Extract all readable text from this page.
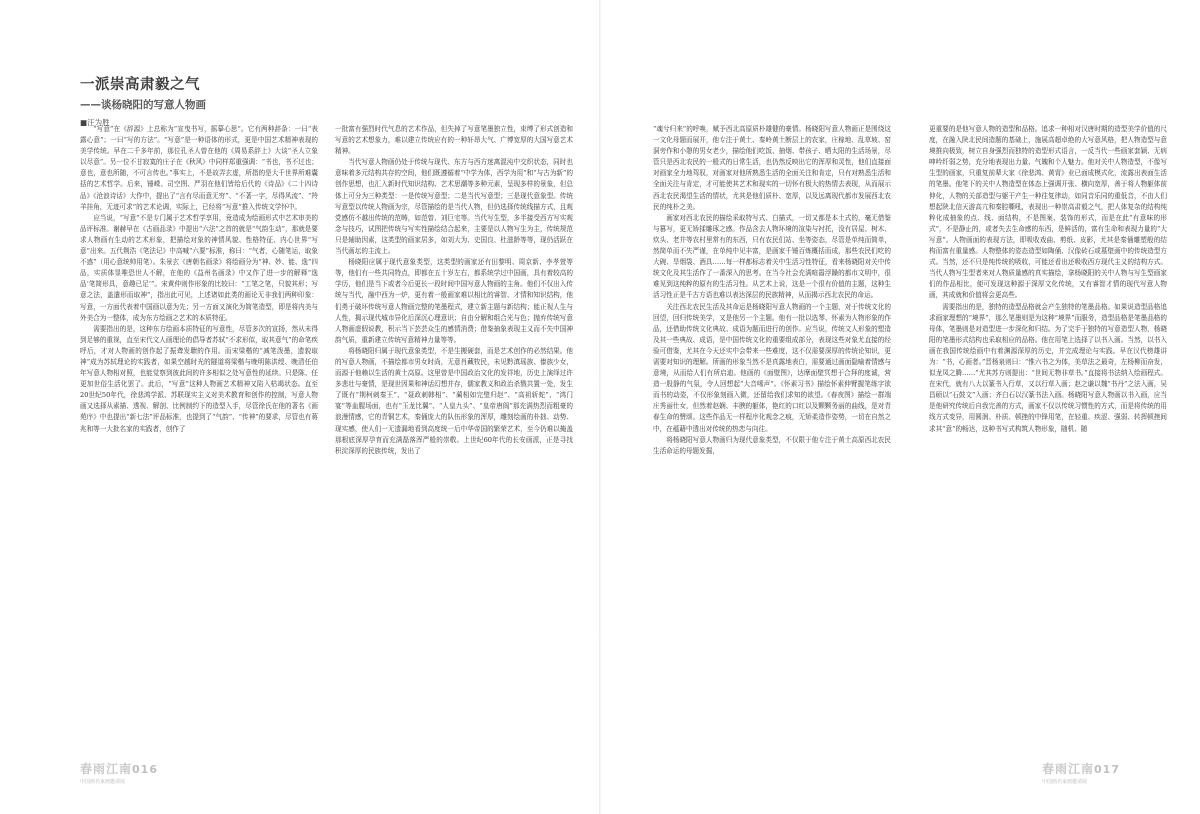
一派崇高肃毅之气
——谈杨晓阳的写意人物画
■汪为胜

“写意”在《辞源》上总称为“宣曳书写，摇摹心思”。它有两种辞条：一曰“表露心意”；一曰“写的方法”。“写意”是一种语体的形式，更是中国艺术精神表现的美学传统。早在二千多年前，那位孔圣人曾在他的《周易系辞上》大谈“圣人立象以尽意”。另一位不甘寂寞的庄子在《秋风》中同样郑重强调：“书也，书不过也；意也，意也所随，不可言传也。”事实上，不是故弄玄虚，所指的是大千世界所难囊括的艺术哲学。后来，锤嵘、司空图、严羽在他们皆给后代的《诗品》《二十四诗品》《沧浪诗话》大作中，提出了“言有尽而意无穷”、“不著一字，尽得风流”、“羚羊挂角，无迹可求”的艺术论调，实际上，已经将“写意”推入传统文学怀中。

应当说，“写意”不是专门属于艺术哲学享用，竟造成为绘画形式中艺术审美的品评标准。谢赫早在《古画品录》中提出“六法”之首的就是“气韵生动”，那就是要求人物画有生动的艺术形象，把描绘对象的神情风貌、性格特征、内心世界“写意”出来。五代荆浩《笔法记》中高喊“六要”标准，称曰：“气者，心随笔运，取象不惑”（用心意统帅用笔）。朱景玄《唐朝名画录》将绘画分为“神、妙、能、逸”四品，实质体显唯恐世人不解，在他的《益州名画录》中又作了进一步的解释“逸品‘笔简形具，意趣已足’”。宋黄仲则作形象的比较曰：“工笔之笔，只貌其形；写意之法，盖遣形而取神”，指出此可见，上述诸如此类的画论无非我们两种印象：写意，一方面代表着中国画以意为先；另一方面又演化为简笔造型，即是将内美与外美合为一整体，成为东方绘画之艺术的本质特征。

需要指出的是，这种东方绘画本质特征的写意性，尽管多次的宣扬，然从未得到足够的重视，直至宋代文人画理论的倡导者苏轼“不求形似，取其意气”的命笔疾呼后，才对人物画的创作起了振聋发聩的作用。而宋梁楷的“减笔泼墨，遗貌取神”成为苏轼理论的实践者，如果空越时光的隧道将梁楷与晚明陈洪绶、晚清任伯年写意人物相对照，也能觉察到彼此间的许多相似之处写意性的延续。只是陈、任更加世俗生活化罢了。此后，“写意”这种人物画艺术精神又陷入枯竭状态。直至20世纪50年代，徐悲鸿学派、苏联现实主义对美术教育和创作的控制，写意人物画又选择从素描、透视、解剖、比例制约下的造型入手，尽管徐氏在他的著名《画苑序》中也提出“新七法”评品标准，也提到了“气韵”、“传神”的要求，尽管也有蒋兆和等一大批名家的实践者，创作了

一批富有强烈时代气息的艺术作品，但失掉了写意笔墨独立性，束缚了形式创造和写意的艺术想象力，难以建立传统应有的一种轩昂大气、广博宽厚的大国写意艺术精神。

当代写意人物画仍处于传统与现代、东方与西方迷离混沌中交织状态，同时也意味着多元结构共存的空间，他们既遵循着“中学为体，西学为用”和“与古为新”的创作思想，也汇入新时代知识结构、艺术思潮等多种元素，呈现多样的景象，但总体上可分为三种类型：一是传统写意型；二是当代写意型；三是现代意象型。传统写意型以传统人物画为宗，尽管描绘的是当代人物，但仍选择传统线描方式，且观党感仿不越出传统的范畴，如范曾、刘巨宅等。当代写生型，多半接受西方写实观念与技巧，试图把传统与写实性描绘结合起来，主要是以人物写生为主，传统规范只是辅助因素，这类型的画家居多，如刘大为、史国良、杜滋龄等等，现仍活跃在当代画坛的主流上。

杨晓阳应属于现代意象类型，这类型的画家还有田黎明、周京新、李孝萱等等，他们有一些共同特点，即都在五十岁左右，都系统学过中国画，具有着较高的学历，他们是当下或者今后更长一段时间中国写意人物画的主角。他们不仅出入传统与当代，融中西为一炉，更有着一般画家难以相比的睿智、才情和知识结构，他们勇于破坏传统写意人物画完整的笔墨程式，建立新主题与新结构；能正视人生与人性，揭示现代城市异化后深沉心理意识；自由分解和组合光与色；抛弃传统写意人物画虚假说教，积示当下芸芸众生的感情消费；借鉴抽象表现主义而不失中国神韵气质，重新建立传统写意精神力量等等。

将杨晓阳归属于现代意象类型，不是生搬硬套，而是艺术创作的必然结果。他的写意人物画，不描绘都市男女时尚，无意肖藏牧民，未见黔滇瑶族、傣族少女，而源于他赖以生活的黄土高原。这里曾是中国政治文化的发祥地，历史上演绎过许多悲壮与豪情，是现世因果和神话幻想并存，儒家教义和政治杀戮共置一处，发生了既有“荆柯刺秦王”、“聂政刺韩相”、“蔺相如完璧归赵”、“高祖斩蛇”、“鸿门宴”等血腥场面，也有“玉龙比翼”、“人皇九头”、“皇帝唐阁”那充满热烈而粗豪的浪漫情感，它的青铜艺术，秦俑庞大的队伍形象的浑厚，雕刻绘画的朴拙、动势、现实感，使人们一无遗漏地看到高度统一后中华帝国的繁荣艺术，至今仍难以掩盖那根底深厚孕育而充满磊落浑严般的崇敬。上世纪60年代的长安画派，正是寻找积淀深厚的民族传统，发出了

“魂兮归来”的呼唤，赋予西北高原质朴雄健的豪情。杨晓阳写意人物画正是围绕这一文化母题而展开，他专注于黄土、秦岭黄土断层上的农家，庄稼地、乱草坡、窑洞旁作和小憩的男女老少，描绘他们吃饭、抽烟、带孩子、晒太阳的生活场景，尽管只是西北农民的一般式的日常生活，也仍然反映出它的浑厚和灵性，他们直接面对画家全力地驾驭，对画家对他所熟悉生活的全面关注和肯定，只有对熟悉生活和全面关注与肯定，才可能使其艺术和现实的一切怀有极大的热情去表现，从而展示西北农民渴望生活的情状，尤其是他们质朴、宽厚，以及远离现代都市发展西北农民的纯朴之美。

画家对西北农民的描绘采取特写式、白描式，一切又都是本土式的，毫无借鉴与篡写，更无矫揉雕琢之感。作品含去人物环境的渲染与衬托，没有居屋、树木、炊头、老井等农村里常有的东西，只有农民们站、坐等姿态，尽管是单纯而简单，然简单而不失严谨，在单纯中见丰富，是画家千锤百炼概括而成，那些农民们吃的大碗、旱烟袋、酒具……每一样都标志着关中生活习性特征，看来杨晓阳对关中传统文化及其生活作了一番深入的思考。在当今社会充满喧嚣浮躁的都市文明中，很难见到这纯粹的原有的生活习性。从艺术上说，这是一个很有价值的主题，这种生活习性正是千古方语也难以表达深层的民族精神，从而揭示西北农民的命运。

关注西北农民生活及其命运是杨晓阳写意人物画的一个主题，对于传统文化的回望，回归传统美学，又是他另一个主题。他有一批以选琴、怀素为人物形象的作品，还借助传统文化典故、成语为题而进行的创作。应当说，传统文人形象的塑造及其一些典故、成语，是中国传统文化的重要组成部分，表现这些对象尤直接的经验可借鉴，尤其在今天还实中会带来一些难度，这不仅需要深厚的传统论知识，更需要对知识的理解。所画的形象当然不是真露地表白，需要通过画面隐喻着情感与意境，从而给人们有所启迪。他画的《面壁图》，达摩面壁冥想于合拜的度诚，营造一股静的气氛，令人回想起“大音唏声”。《怀素习书》描绘怀素伸臂握笔练字欲而书的动姿，不仅形象刻画入微，还留给我们求知的欲望。《春夜图》描绘一群端庄秀丽仕女，但然着赵娴、丰腴的躯体，艳红的口红以及颗颗务丽的曲线，是对青春生命的赞颂。这些作品无一样程序化观念之痕，无矫柔造作姿势，一切在自然之中，在蕴藉中透出对传统的热恋与向往。

将杨晓阳写意人物画归为现代意象类型，不仅限于他专注于黄土高原西北农民生活命运的母题发掘，

更重要的是他写意人物的造型和品格。追求一种相对汉唐时期的造型美学价值的尺度，在融入陕北民间造题的基础上，施展高超卓绝的大写意风格，把人物造型与意境推向极致，树立自身强烈而独特的造型形式语言，一反当代一些画家套颖、无病呻吟纤弱之势，充分地表现出力量、气魄和个人魅力。他对关中人物造型，不像写生型的画家，只重复前辈大家《徐悲鸿、黄胄》业已面成模式化，流露出表面生活的笔墨。他笔下的关中人物造型在体态上强调开张、横向宽厚，善于将人物躯体前伸化，人物的关部造型与躯干产生一种往复律动，如同音乐同的重低音，不由人们想起陕北信天游高亢和秦腔嘶吼，表现出一种崇高肃毅之气，把人体复杂的结构纯粹化成抽象的点、线、面结构，不是图案、装饰的形式，而是在此“有意味的形式”，不是静止的，或者失去生命感的东西，是鲜活的，富有生命和表现力量的“大写意”。人物画面的表现方法，即吸收戏曲、剪纸、皮影，尤其是秦俑雕塑般的结构而富有重量感。人物整体的姿态造型如陶俑、汉像砖石或墓壁画中的传统造型方式。当然，还不只是纯传统的吸收，可能还看出还吸收西方现代主义的结构方式。当代人物写生型者来对人物质量感的真实描绘，拿杨晓阳的关中人物与写生型画家们的作品相比，便可发现这种源于深厚文化传统，又有睿智才情的现代写意人物画，其成就和价值将会更高些。

需要指出的是，独特的造型品格就会产生独特的笔墨品格。如果说造型品格追求画家理想的“境界”，那么笔墨则是为这种“境界”而服务，造型品格是笔墨品格的母体，笔墨则是对造型进一步深化和归结。为了完手于独特的写意造型人物，杨晓阳的笔墨形式结构也采取相应的品格。他在用笔上选择了以书入画。当然，以书入画在我国传统绘画中有着渊源深厚的历史，并完成理论与实践。早在汉代榜雄讲为：“书，心画者。”晋杨泉则曰：“惟六书之为体，美草法之最奇，左杨柳而奋发，似龙凤之腾……”尤其苏方则提出：“世间无物非草书。”直接将书法纳入绘画程式。在宋代，就有八大以篆书入行草，又以行草入画；赵之谦以魏“书丹”之法入画，吴昌硕以“石鼓文”入画；齐白石以汉篆书法入画。杨晓阳写意人物画以书入画，应当是他研究传统后自我完善的方式，画家不仅以传统习惯性的方式，而是将传统的用线方式变异，用圆润、朴质、顿挫的中锋用笔，在轻重、疾涩、强弱、转挥顿挫间求其“意”的畅达，这种书写式构筑人物形象，随机、随

春雨江南016
中国画名家画邀请展
春雨江南017
中国画名家画邀请展
